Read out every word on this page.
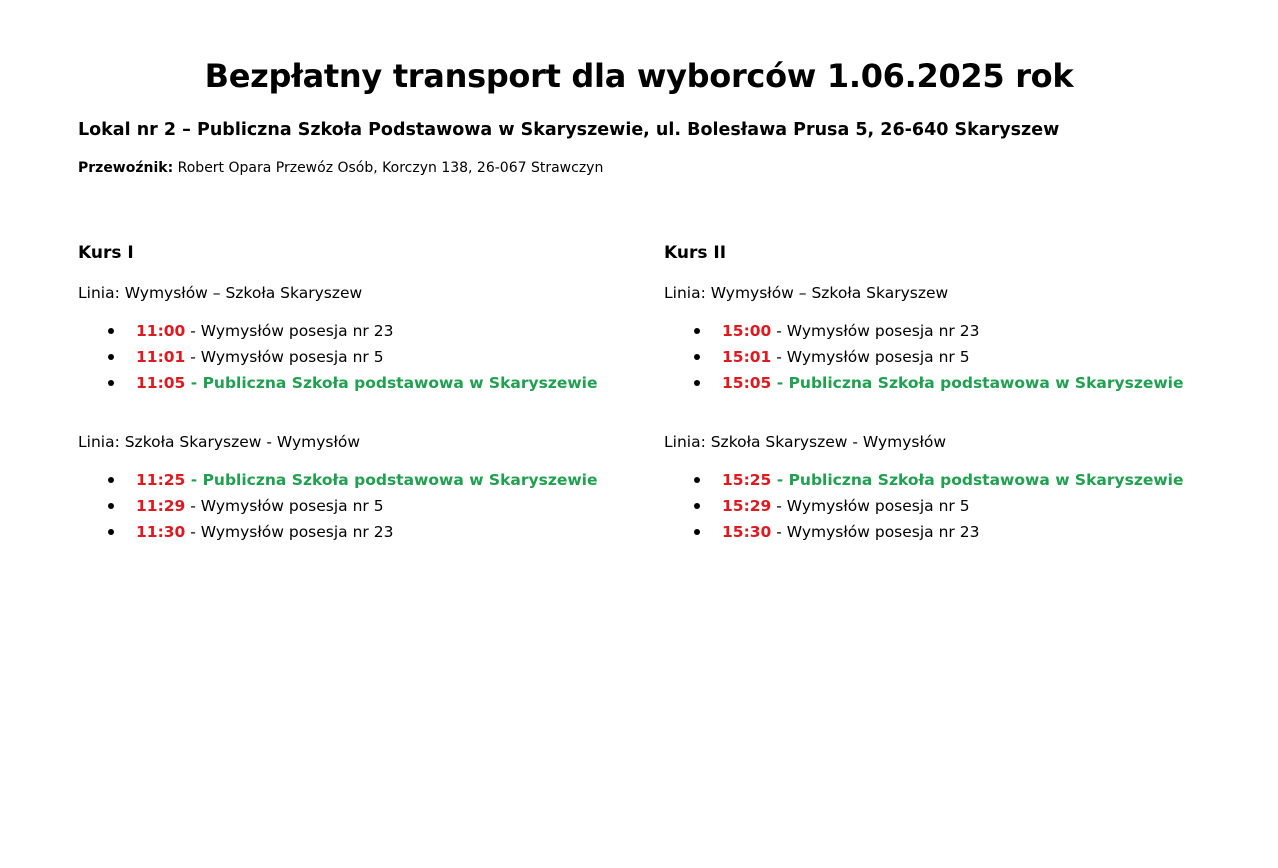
Bezpłatny transport dla wyborców 1.06.2025 rok

Lokal nr 2 – Publiczna Szkoła Podstawowa w Skaryszewie, ul. Bolesława Prusa 5, 26-640 Skaryszew

Przewoźnik: Robert Opara Przewóz Osób, Korczyn 138, 26-067 Strawczyn

Kurs I

Linia: Wymysłów – Szkoła Skaryszew

11:00 - Wymysłów posesja nr 23
11:01 - Wymysłów posesja nr 5
11:05 - Publiczna Szkoła podstawowa w Skaryszewie

Linia: Szkoła Skaryszew - Wymysłów

11:25 - Publiczna Szkoła podstawowa w Skaryszewie
11:29 - Wymysłów posesja nr 5
11:30 - Wymysłów posesja nr 23

Kurs II

Linia: Wymysłów – Szkoła Skaryszew

15:00 - Wymysłów posesja nr 23
15:01 - Wymysłów posesja nr 5
15:05 - Publiczna Szkoła podstawowa w Skaryszewie

Linia: Szkoła Skaryszew - Wymysłów

15:25 - Publiczna Szkoła podstawowa w Skaryszewie
15:29 - Wymysłów posesja nr 5
15:30 - Wymysłów posesja nr 23
